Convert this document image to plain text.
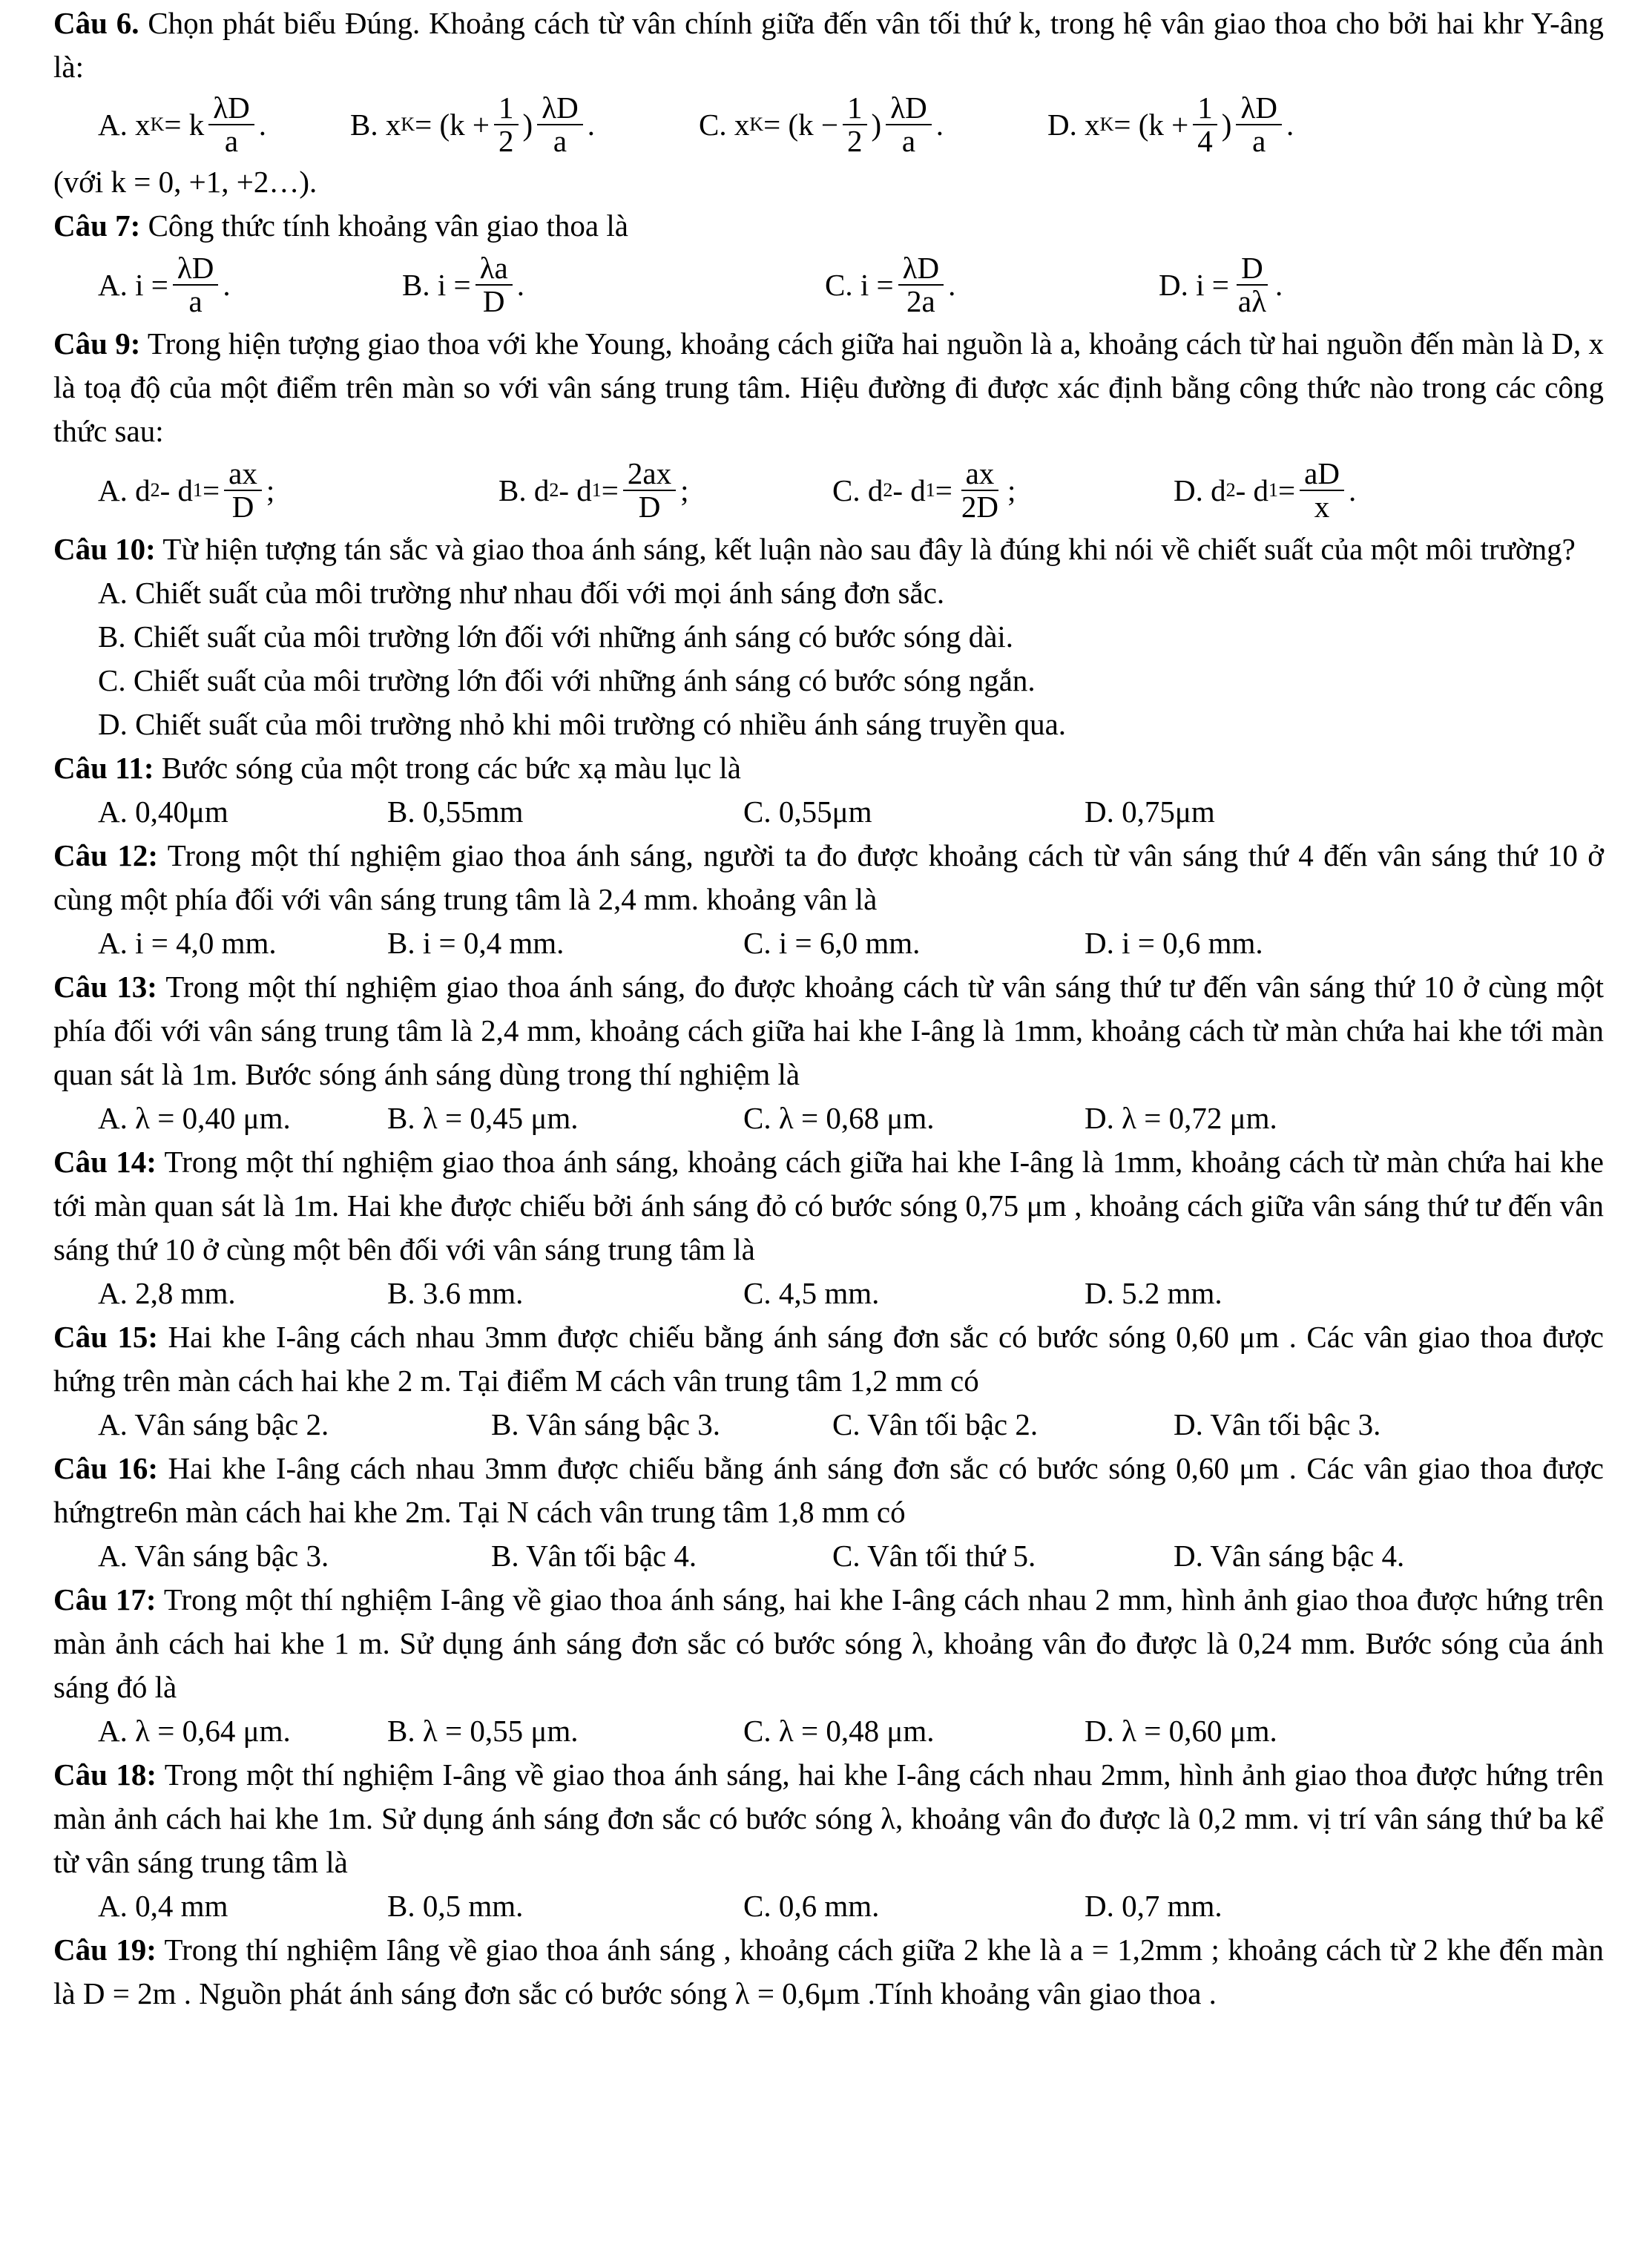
Câu 6. Chọn phát biểu Đúng. Khoảng cách từ vân chính giữa đến vân tối thứ k, trong hệ vân giao thoa cho bởi hai khr Y-âng là:
A. x K = k $\frac{\lambda D}{a}$ .	B. x $K = (k + \frac{1}{2}$ ) $\frac{\lambda D}{a}$ .	C. x $K = (k - \frac{1}{2}$ ) $\frac{\lambda D}{a}$ .	D. x $K = (k + \frac{1}{4}$ ) $\frac{\lambda D}{a}$ .
(với k = 0, +1, +2…).
Câu 7: Công thức tính khoảng vân giao thoa là
A. $i = \frac{\lambda D}{a}$ .	B. $i = \frac{\lambda a}{D}$ .	C. $i = \frac{\lambda D}{2a}$ .	D. $i = \frac{D}{a\lambda}$ .
Câu 9: Trong hiện tượng giao thoa với khe Young, khoảng cách giữa hai nguồn là a, khoảng cách từ hai nguồn đến màn là D, x là toạ độ của một điểm trên màn so với vân sáng trung tâm. Hiệu đường đi được xác định bằng công thức nào trong các công thức sau:
A. d 2 - d $1 = \frac{ax}{D}$ ;	B. d 2 - d $1 = \frac{2ax}{D}$ ;	C. d 2 - d $1 = \frac{ax}{2D}$ ;	D. d 2 - d $1 = \frac{aD}{x}$ .
Câu 10: Từ hiện tượng tán sắc và giao thoa ánh sáng, kết luận nào sau đây là đúng khi nói về chiết suất của một môi trường?
A. Chiết suất của môi trường như nhau đối với mọi ánh sáng đơn sắc.
B. Chiết suất của môi trường lớn đối với những ánh sáng có bước sóng dài.
C. Chiết suất của môi trường lớn đối với những ánh sáng có bước sóng ngắn.
D. Chiết suất của môi trường nhỏ khi môi trường có nhiều ánh sáng truyền qua.
Câu 11: Bước sóng của một trong các bức xạ màu lục là
A. 0,40μm	B. 0,55mm	C. 0,55μm	D. 0,75μm
Câu 12: Trong một thí nghiệm giao thoa ánh sáng, người ta đo được khoảng cách từ vân sáng thứ 4 đến vân sáng thứ 10 ở cùng một phía đối với vân sáng trung tâm là 2,4 mm. khoảng vân là
A. i = 4,0 mm.	B. i = 0,4 mm.	C. i = 6,0 mm.	D. i = 0,6 mm.
Câu 13: Trong một thí nghiệm giao thoa ánh sáng, đo được khoảng cách từ vân sáng thứ tư đến vân sáng thứ 10 ở cùng một phía đối với vân sáng trung tâm là 2,4 mm, khoảng cách giữa hai khe I-âng là 1mm, khoảng cách từ màn chứa hai khe tới màn quan sát là 1m. Bước sóng ánh sáng dùng trong thí nghiệm là
A. λ = 0,40 μm.	B. λ = 0,45 μm.	C. λ = 0,68 μm.	D. λ = 0,72 μm.
Câu 14: Trong một thí nghiệm giao thoa ánh sáng, khoảng cách giữa hai khe I-âng là 1mm, khoảng cách từ màn chứa hai khe tới màn quan sát là 1m. Hai khe được chiếu bởi ánh sáng đỏ có bước sóng 0,75 μm , khoảng cách giữa vân sáng thứ tư đến vân sáng thứ 10 ở cùng một bên đối với vân sáng trung tâm là
A. 2,8 mm.	B. 3.6 mm.	C. 4,5 mm.	D. 5.2 mm.
Câu 15: Hai khe I-âng cách nhau 3mm được chiếu bằng ánh sáng đơn sắc có bước sóng 0,60 μm . Các vân giao thoa được hứng trên màn cách hai khe 2 m. Tại điểm M cách vân trung tâm 1,2 mm có
A. Vân sáng bậc 2.	B. Vân sáng bậc 3.	C. Vân tối bậc 2.	D. Vân tối bậc 3.
Câu 16: Hai khe I-âng cách nhau 3mm được chiếu bằng ánh sáng đơn sắc có bước sóng 0,60 μm . Các vân giao thoa được hứngtre6n màn cách hai khe 2m. Tại N cách vân trung tâm 1,8 mm có
A. Vân sáng bậc 3.	B. Vân tối bậc 4.	C. Vân tối thứ 5.	D. Vân sáng bậc 4.
Câu 17: Trong một thí nghiệm I-âng về giao thoa ánh sáng, hai khe I-âng cách nhau 2 mm, hình ảnh giao thoa được hứng trên màn ảnh cách hai khe 1 m. Sử dụng ánh sáng đơn sắc có bước sóng λ, khoảng vân đo được là 0,24 mm. Bước sóng của ánh sáng đó là
A. λ = 0,64 μm.	B. λ = 0,55 μm.	C. λ = 0,48 μm.	D. λ = 0,60 μm.
Câu 18: Trong một thí nghiệm I-âng về giao thoa ánh sáng, hai khe I-âng cách nhau 2mm, hình ảnh giao thoa được hứng trên màn ảnh cách hai khe 1m. Sử dụng ánh sáng đơn sắc có bước sóng λ, khoảng vân đo được là 0,2 mm. vị trí vân sáng thứ ba kể từ vân sáng trung tâm là
A. 0,4 mm	B. 0,5 mm.	C. 0,6 mm.	D. 0,7 mm.
Câu 19: Trong thí nghiệm Iâng về giao thoa ánh sáng , khoảng cách giữa 2 khe là a = 1,2mm ; khoảng cách từ 2 khe đến màn là D = 2m . Nguồn phát ánh sáng đơn sắc có bước sóng λ = 0,6μm .Tính khoảng vân giao thoa .
